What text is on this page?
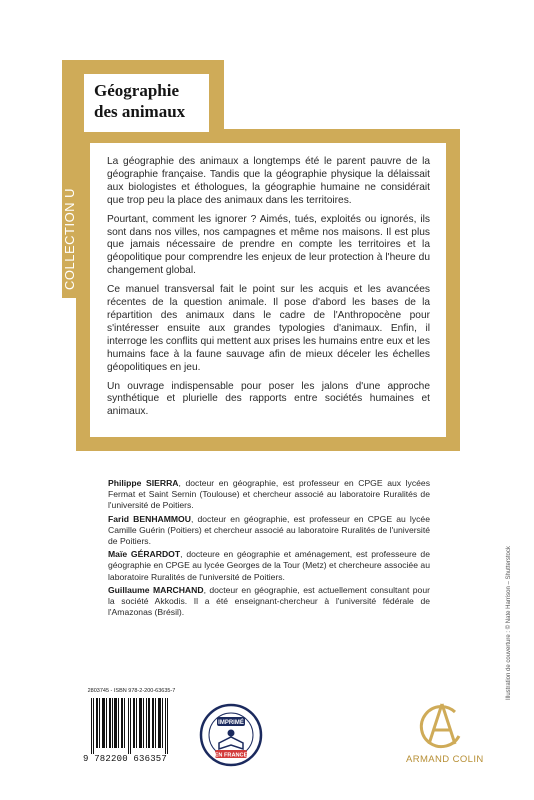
Géographie
des animaux
COLLECTION U

La géographie des animaux a longtemps été le parent pauvre de la géographie française. Tandis que la géographie physique la délaissait aux biologistes et éthologues, la géographie humaine ne considérait que trop peu la place des animaux dans les territoires.

Pourtant, comment les ignorer ? Aimés, tués, exploités ou ignorés, ils sont dans nos villes, nos campagnes et même nos maisons. Il est plus que jamais nécessaire de prendre en compte les territoires et la géopolitique pour comprendre les enjeux de leur protection à l'heure du changement global.

Ce manuel transversal fait le point sur les acquis et les avancées récentes de la question animale. Il pose d'abord les bases de la répartition des animaux dans le cadre de l'Anthropocène pour s'intéresser ensuite aux grandes typologies d'animaux. Enfin, il interroge les conflits qui mettent aux prises les humains entre eux et les humains face à la faune sauvage afin de mieux déceler les échelles géopolitiques en jeu.

Un ouvrage indispensable pour poser les jalons d'une approche synthétique et plurielle des rapports entre sociétés humaines et animaux.

Philippe SIERRA, docteur en géographie, est professeur en CPGE aux lycées Fermat et Saint Sernin (Toulouse) et chercheur associé au laboratoire Ruralités de l'université de Poitiers.

Farid BENHAMMOU, docteur en géographie, est professeur en CPGE au lycée Camille Guérin (Poitiers) et chercheur associé au laboratoire Ruralités de l'université de Poitiers.

Maïe GÉRARDOT, docteure en géographie et aménagement, est professeure de géographie en CPGE au lycée Georges de la Tour (Metz) et chercheure associée au laboratoire Ruralités de l'université de Poitiers.

Guillaume MARCHAND, docteur en géographie, est actuellement consultant pour la société Akkodis. Il a été enseignant-chercheur à l'université fédérale de l'Amazonas (Brésil).	Illustration de couverture : © Nate Harrison – Shutterstock
2803745 - ISBN 978-2-200-63635-7
9 782200 636357
IMPRIMÉ
EN FRANCE	ARMAND COLIN
